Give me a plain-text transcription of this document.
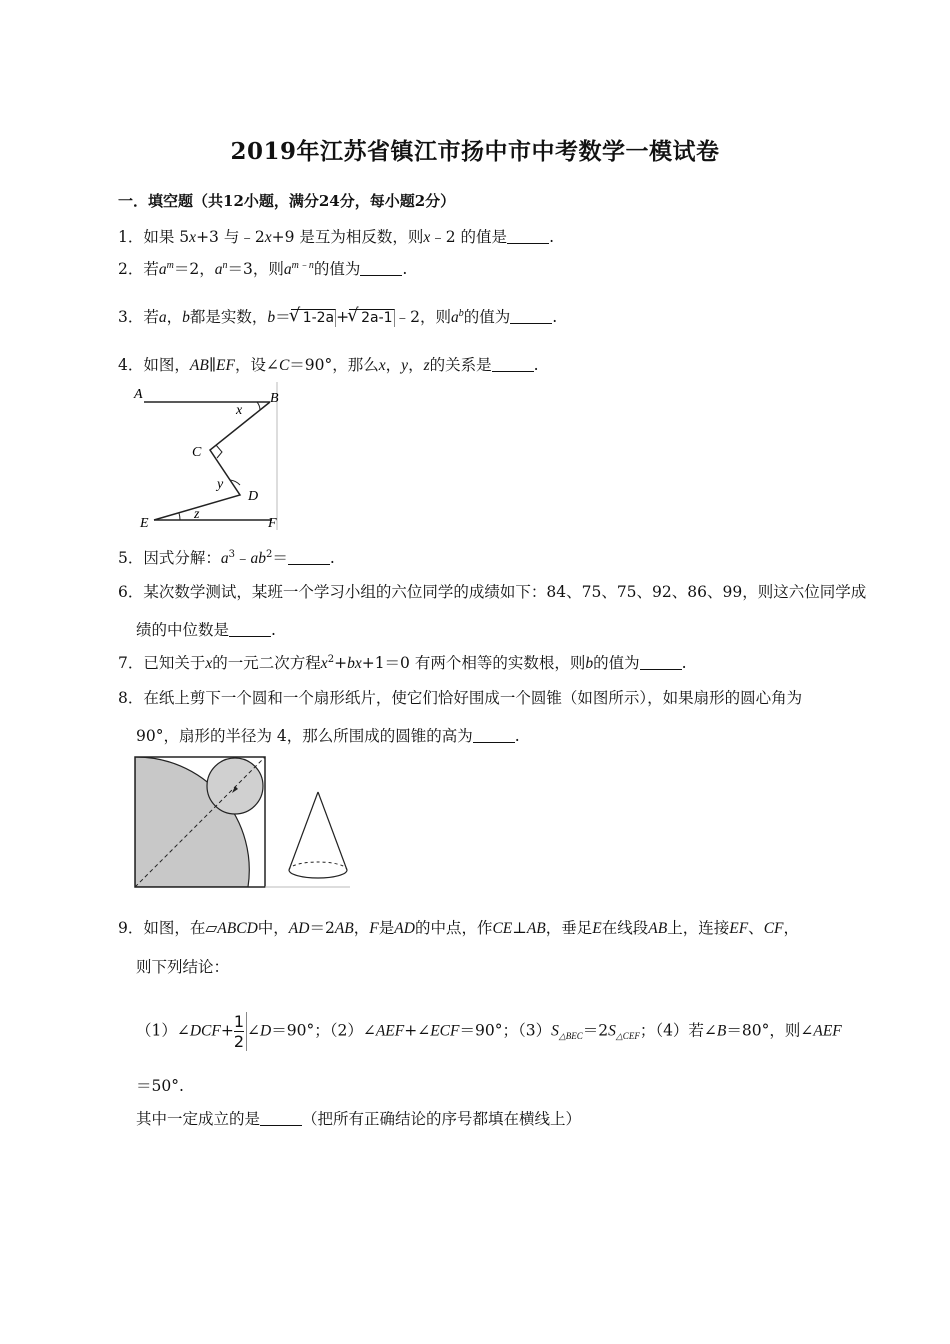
2019年江苏省镇江市扬中市中考数学一模试卷
一．填空题（共12小题，满分24分，每小题2分）
1．如果 5x+3 与﹣2x+9 是互为相反数，则x﹣2 的值是	.
2．若$a^m=2$，$a^n=3$，则$a^{m﹣n}$的值为	.
3．若a，b都是实数，b＝ √ 1-2a + √ 2a-1 ﹣2，则$a^b$的值为	.
4．如图，AB∥EF，设∠C＝90°，那么x，y，z的关系是	.
A	B
C
D
E	F
x
y
z
5．因式分解：$a^3﹣ab^2=$	.
6．某次数学测试，某班一个学习小组的六位同学的成绩如下：84、75、75、92、86、99，则这六位同学成
绩的中位数是	.
7．已知关于x的一元二次方程$x^2+bx+1=0$ 有两个相等的实数根，则b的值为	.
8．在纸上剪下一个圆和一个扇形纸片，使它们恰好围成一个圆锥（如图所示），如果扇形的圆心角为
90°，扇形的半径为 4，那么所围成的圆锥的高为	.
9．如图，在▱ABCD中，AD＝2AB，F是AD的中点，作CE⊥AB，垂足E在线段AB上，连接EF、CF，
则下列结论：
（1）∠DCF+ $\frac{1}{2}$ ∠D＝90°；（2）∠AEF+∠ECF＝90°；$(3)S_{\triangle BEC}=2S_{\triangle CEF}$；（4）若∠B＝80°，则∠AEF
＝50°.
其中一定成立的是	（把所有正确结论的序号都填在横线上）
